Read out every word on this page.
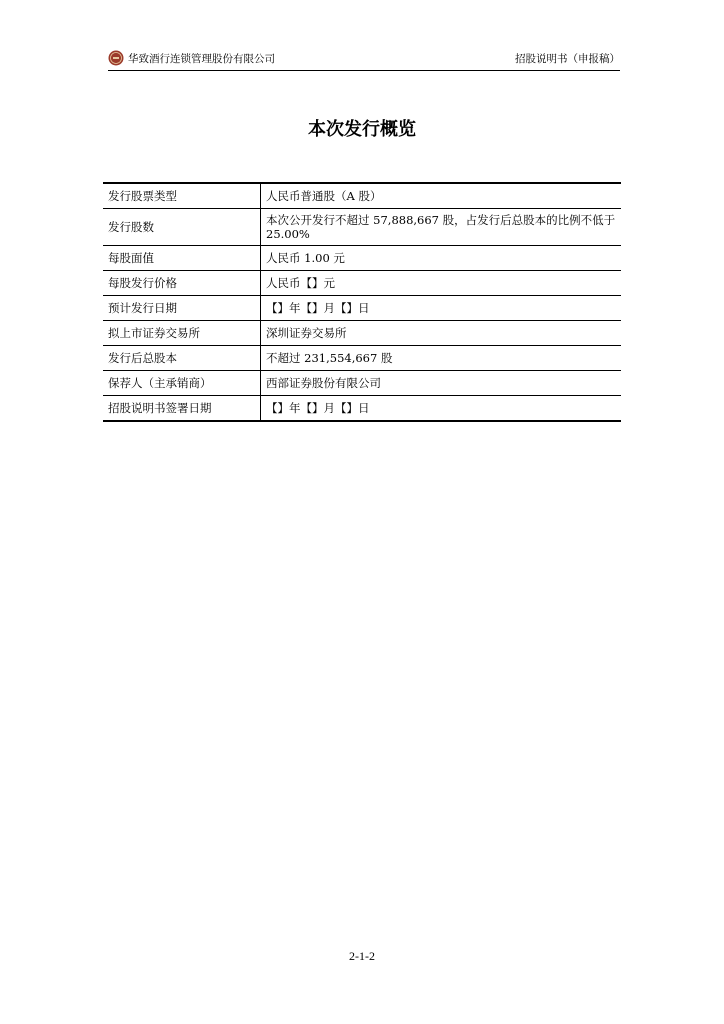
华致酒行连锁管理股份有限公司	招股说明书（申报稿）
本次发行概览
发行股票类型	人民币普通股（A 股）
发行股数	本次公开发行不超过 57,888,667 股，占发行后总股本的比例不低于 25.00%
每股面值	人民币 1.00 元
每股发行价格	人民币【】元
预计发行日期	【】年【】月【】日
拟上市证券交易所	深圳证券交易所
发行后总股本	不超过 231,554,667 股
保荐人（主承销商）	西部证券股份有限公司
招股说明书签署日期	【】年【】月【】日
2-1-2
